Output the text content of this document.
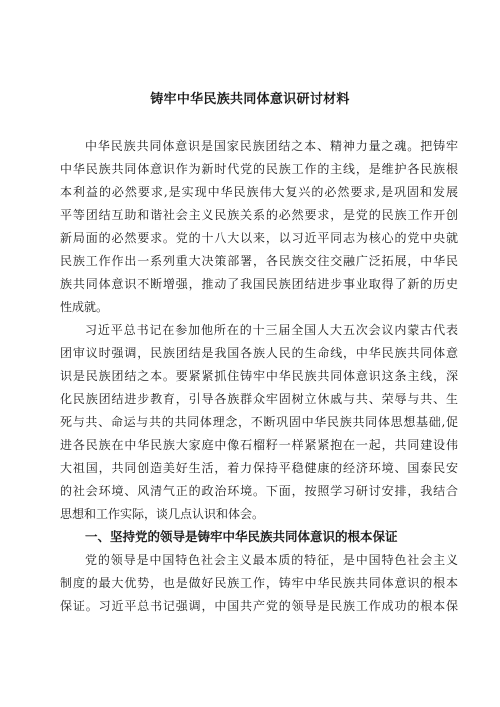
铸牢中华民族共同体意识研讨材料
中华民族共同体意识是国家民族团结之本、精神力量之魂。把铸牢
中华民族共同体意识作为新时代党的民族工作的主线，是维护各民族根
本利益的必然要求,是实现中华民族伟大复兴的必然要求,是巩固和发展
平等团结互助和谐社会主义民族关系的必然要求，是党的民族工作开创
新局面的必然要求。党的十八大以来，以习近平同志为核心的党中央就
民族工作作出一系列重大决策部署，各民族交往交融广泛拓展，中华民
族共同体意识不断增强，推动了我国民族团结进步事业取得了新的历史
性成就。
习近平总书记在参加他所在的十三届全国人大五次会议内蒙古代表
团审议时强调，民族团结是我国各族人民的生命线，中华民族共同体意
识是民族团结之本。要紧紧抓住铸牢中华民族共同体意识这条主线，深
化民族团结进步教育，引导各族群众牢固树立休戚与共、荣辱与共、生
死与共、命运与共的共同体理念，不断巩固中华民族共同体思想基础,促
进各民族在中华民族大家庭中像石榴籽一样紧紧抱在一起，共同建设伟
大祖国，共同创造美好生活，着力保持平稳健康的经济环境、国泰民安
的社会环境、风清气正的政治环境。下面，按照学习研讨安排，我结合
思想和工作实际，谈几点认识和体会。
一、坚持党的领导是铸牢中华民族共同体意识的根本保证
党的领导是中国特色社会主义最本质的特征，是中国特色社会主义
制度的最大优势，也是做好民族工作，铸牢中华民族共同体意识的根本
保证。习近平总书记强调，中国共产党的领导是民族工作成功的根本保
